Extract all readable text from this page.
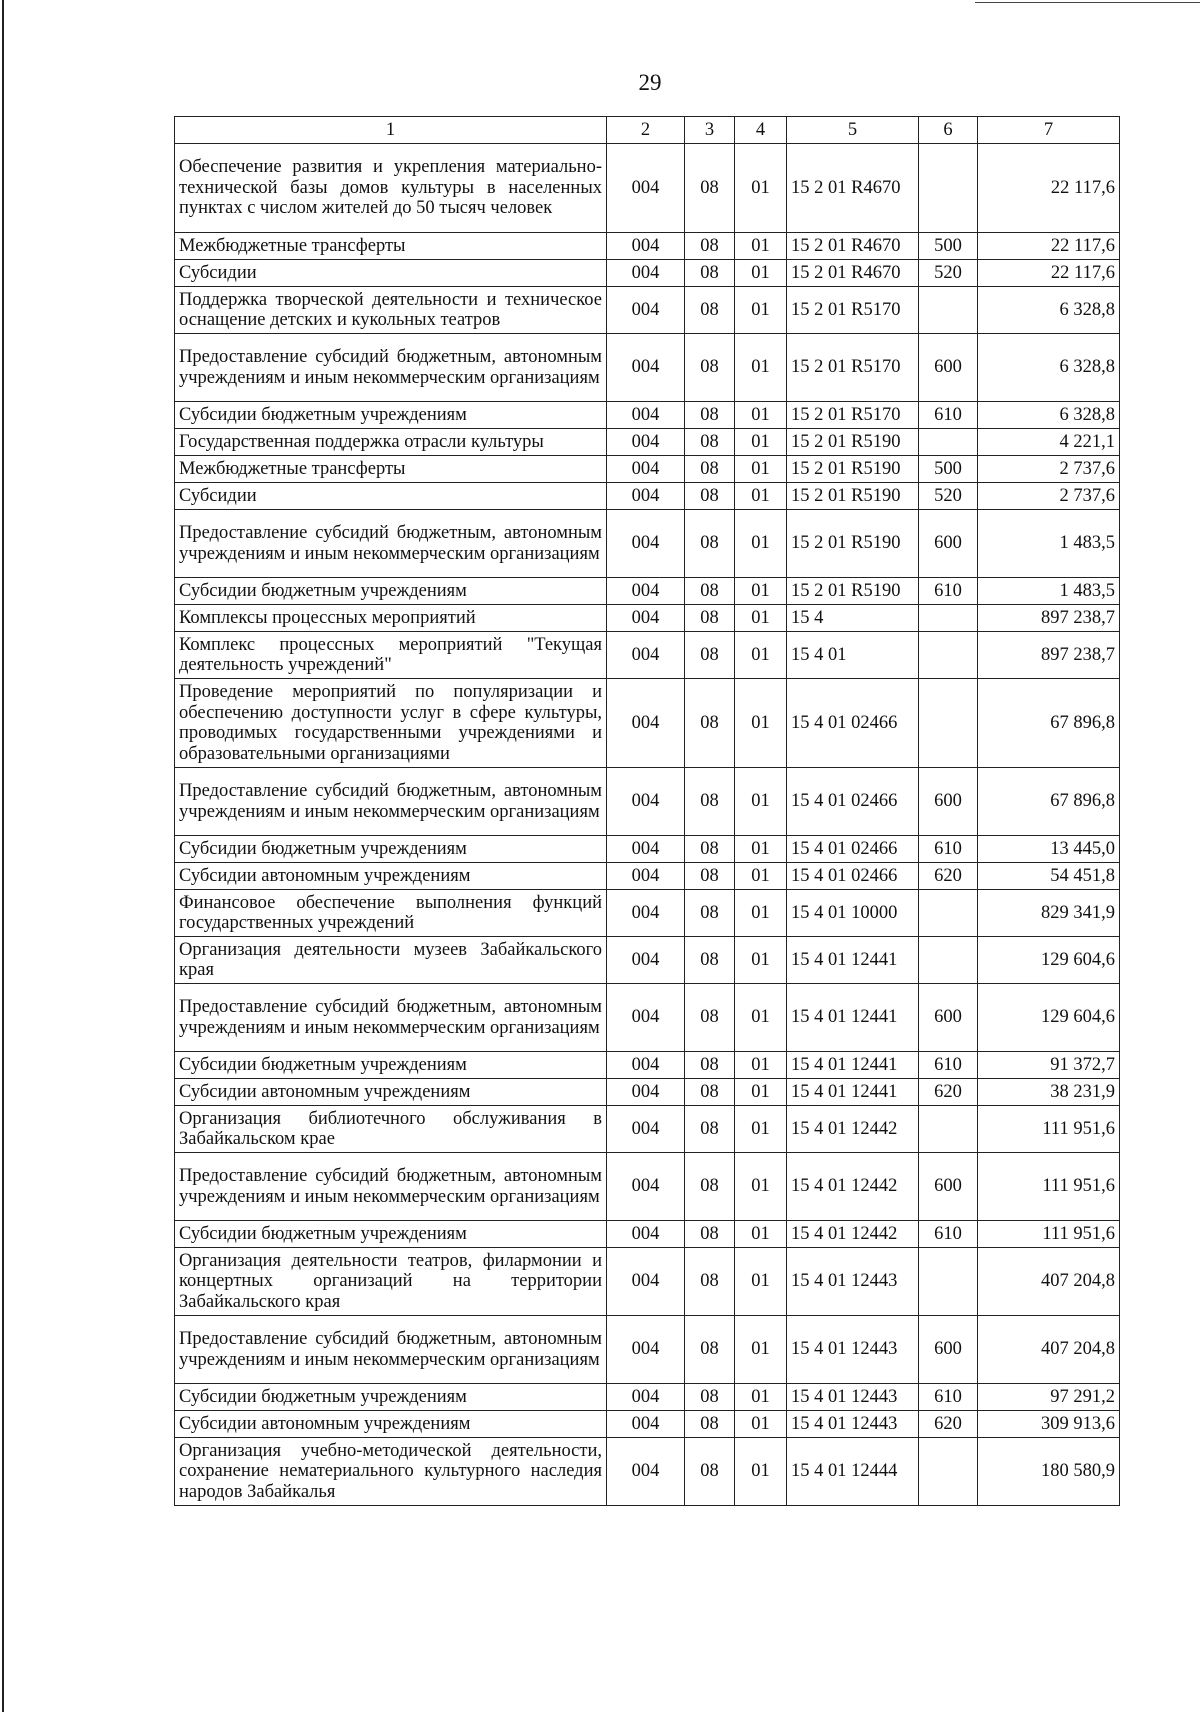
29
1	2	3	4	5	6	7
Обеспечение развития и укрепления материально-технической базы домов культуры в населенных пунктах с числом жителей до 50 тысяч человек	004	08	01	15 2 01 R4670		22 117,6
Межбюджетные трансферты	004	08	01	15 2 01 R4670	500	22 117,6
Субсидии	004	08	01	15 2 01 R4670	520	22 117,6
Поддержка творческой деятельности и техническое оснащение детских и кукольных театров	004	08	01	15 2 01 R5170		6 328,8
Предоставление субсидий бюджетным, автономным учреждениям и иным некоммерческим организациям	004	08	01	15 2 01 R5170	600	6 328,8
Субсидии бюджетным учреждениям	004	08	01	15 2 01 R5170	610	6 328,8
Государственная поддержка отрасли культуры	004	08	01	15 2 01 R5190		4 221,1
Межбюджетные трансферты	004	08	01	15 2 01 R5190	500	2 737,6
Субсидии	004	08	01	15 2 01 R5190	520	2 737,6
Предоставление субсидий бюджетным, автономным учреждениям и иным некоммерческим организациям	004	08	01	15 2 01 R5190	600	1 483,5
Субсидии бюджетным учреждениям	004	08	01	15 2 01 R5190	610	1 483,5
Комплексы процессных мероприятий	004	08	01	15 4		897 238,7
Комплекс процессных мероприятий "Текущая деятельность учреждений"	004	08	01	15 4 01		897 238,7
Проведение мероприятий по популяризации и обеспечению доступности услуг в сфере культуры, проводимых государственными учреждениями и образовательными организациями	004	08	01	15 4 01 02466		67 896,8
Предоставление субсидий бюджетным, автономным учреждениям и иным некоммерческим организациям	004	08	01	15 4 01 02466	600	67 896,8
Субсидии бюджетным учреждениям	004	08	01	15 4 01 02466	610	13 445,0
Субсидии автономным учреждениям	004	08	01	15 4 01 02466	620	54 451,8
Финансовое обеспечение выполнения функций государственных учреждений	004	08	01	15 4 01 10000		829 341,9
Организация деятельности музеев Забайкальского края	004	08	01	15 4 01 12441		129 604,6
Предоставление субсидий бюджетным, автономным учреждениям и иным некоммерческим организациям	004	08	01	15 4 01 12441	600	129 604,6
Субсидии бюджетным учреждениям	004	08	01	15 4 01 12441	610	91 372,7
Субсидии автономным учреждениям	004	08	01	15 4 01 12441	620	38 231,9
Организация библиотечного обслуживания в Забайкальском крае	004	08	01	15 4 01 12442		111 951,6
Предоставление субсидий бюджетным, автономным учреждениям и иным некоммерческим организациям	004	08	01	15 4 01 12442	600	111 951,6
Субсидии бюджетным учреждениям	004	08	01	15 4 01 12442	610	111 951,6
Организация деятельности театров, филармонии и концертных организаций на территории Забайкальского края	004	08	01	15 4 01 12443		407 204,8
Предоставление субсидий бюджетным, автономным учреждениям и иным некоммерческим организациям	004	08	01	15 4 01 12443	600	407 204,8
Субсидии бюджетным учреждениям	004	08	01	15 4 01 12443	610	97 291,2
Субсидии автономным учреждениям	004	08	01	15 4 01 12443	620	309 913,6
Организация учебно-методической деятельности, сохранение нематериального культурного наследия народов Забайкалья	004	08	01	15 4 01 12444		180 580,9
